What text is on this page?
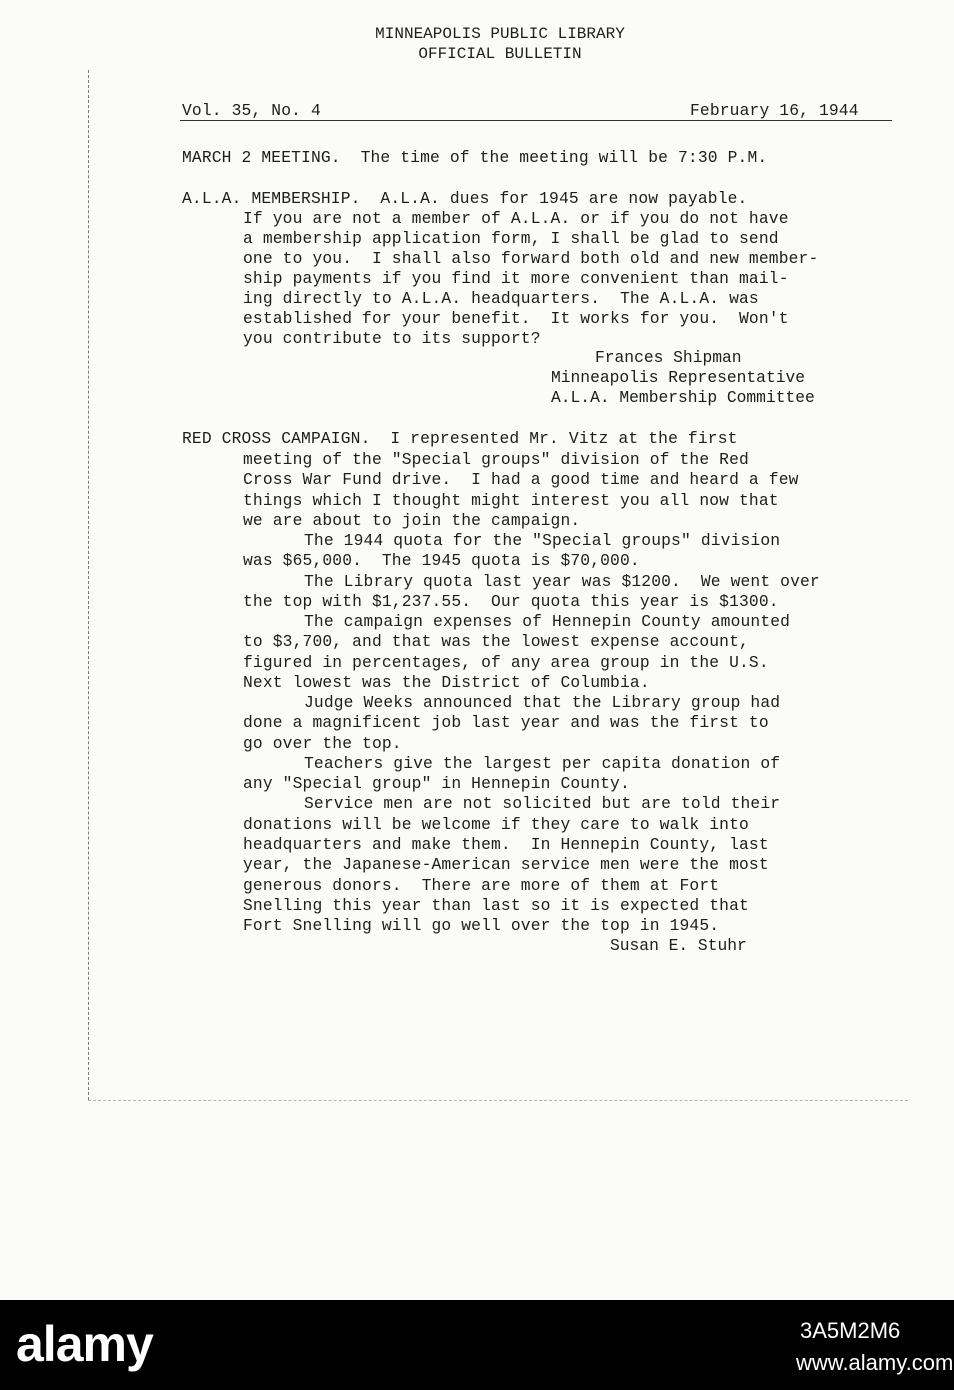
MINNEAPOLIS PUBLIC LIBRARY
OFFICIAL BULLETIN
Vol. 35, No. 4	February 16, 1944
MARCH 2 MEETING.  The time of the meeting will be 7:30 P.M.
A.L.A. MEMBERSHIP.  A.L.A. dues for 1945 are now payable.
If you are not a member of A.L.A. or if you do not have
a membership application form, I shall be glad to send
one to you.  I shall also forward both old and new member-
ship payments if you find it more convenient than mail-
ing directly to A.L.A. headquarters.  The A.L.A. was
established for your benefit.  It works for you.  Won't
you contribute to its support?
Frances Shipman
Minneapolis Representative
A.L.A. Membership Committee
RED CROSS CAMPAIGN.  I represented Mr. Vitz at the first
meeting of the "Special groups" division of the Red
Cross War Fund drive.  I had a good time and heard a few
things which I thought might interest you all now that
we are about to join the campaign.
The 1944 quota for the "Special groups" division
was $65,000.  The 1945 quota is $70,000.
The Library quota last year was $1200.  We went over
the top with $1,237.55.  Our quota this year is $1300.
The campaign expenses of Hennepin County amounted
to $3,700, and that was the lowest expense account,
figured in percentages, of any area group in the U.S.
Next lowest was the District of Columbia.
Judge Weeks announced that the Library group had
done a magnificent job last year and was the first to
go over the top.
Teachers give the largest per capita donation of
any "Special group" in Hennepin County.
Service men are not solicited but are told their
donations will be welcome if they care to walk into
headquarters and make them.  In Hennepin County, last
year, the Japanese-American service men were the most
generous donors.  There are more of them at Fort
Snelling this year than last so it is expected that
Fort Snelling will go well over the top in 1945.
Susan E. Stuhr
alamy	3A5M2M6
www.alamy.com
